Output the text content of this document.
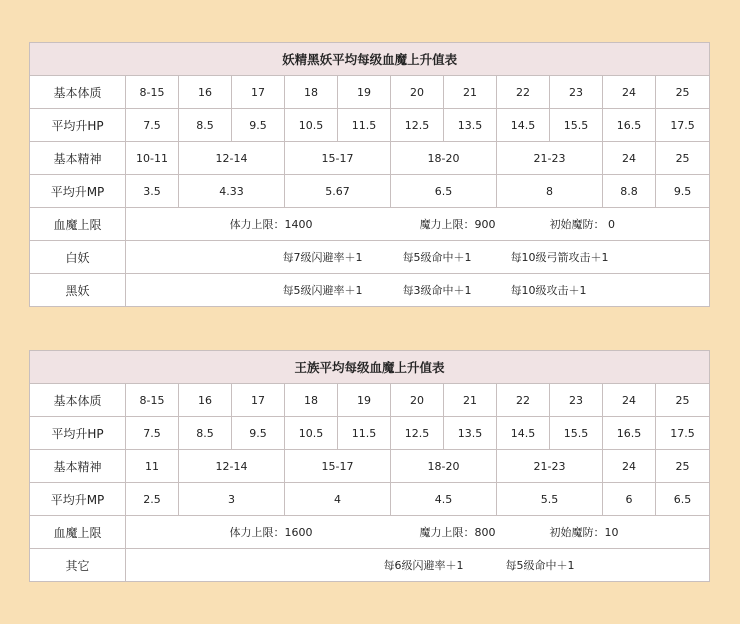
妖精黑妖平均每级血魔上升值表											
基本体质	8-15	16	17	18	19	20	21	22	23	24	25
平均升HP	7.5	8.5	9.5	10.5	11.5	12.5	13.5	14.5	15.5	16.5	17.5
基本精神	10-11	12-14		15-17		18-20		21-23		24	25
平均升MP	3.5	4.33		5.67		6.5		8		8.8	9.5
血魔上限	体力上限：1400 魔力上限：900 初始魔防： 0										
白妖	每7级闪避率＋1 每5级命中＋1 每10级弓箭攻击＋1										
黑妖	每5级闪避率＋1 每3级命中＋1 每10级攻击＋1										
王族平均每级血魔上升值表											
基本体质	8-15	16	17	18	19	20	21	22	23	24	25
平均升HP	7.5	8.5	9.5	10.5	11.5	12.5	13.5	14.5	15.5	16.5	17.5
基本精神	11	12-14		15-17		18-20		21-23		24	25
平均升MP	2.5	3		4		4.5		5.5		6	6.5
血魔上限	体力上限：1600 魔力上限：800 初始魔防：10										
其它	每6级闪避率＋1 每5级命中＋1										
